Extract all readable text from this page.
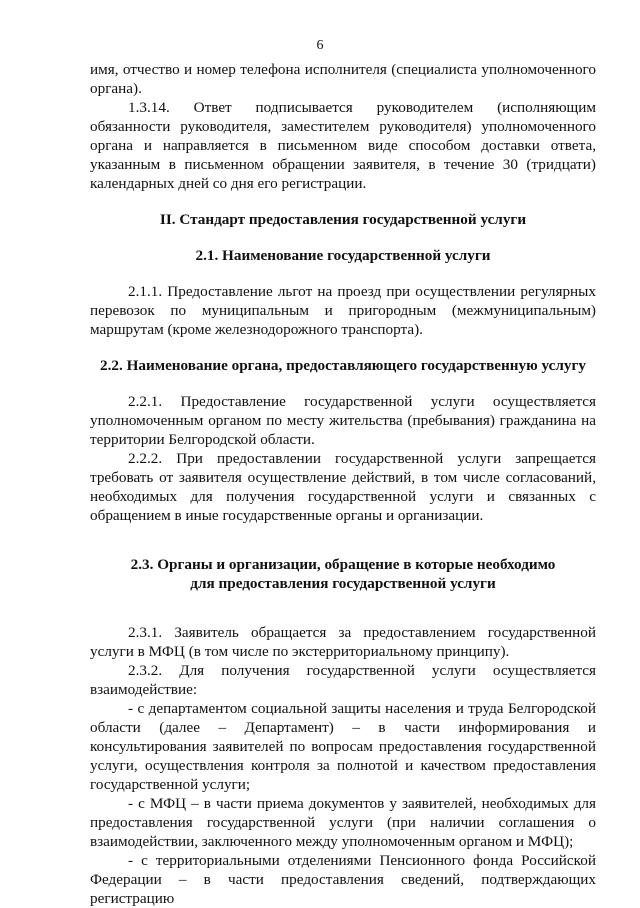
6

имя, отчество и номер телефона исполнителя (специалиста уполномоченного органа).

1.3.14. Ответ подписывается руководителем (исполняющим обязанности руководителя, заместителем руководителя) уполномоченного органа и направляется в письменном виде способом доставки ответа, указанным в письменном обращении заявителя, в течение 30 (тридцати) календарных дней со дня его регистрации.

II. Стандарт предоставления государственной услуги
2.1. Наименование государственной услуги

2.1.1. Предоставление льгот на проезд при осуществлении регулярных перевозок по муниципальным и пригородным (межмуниципальным) маршрутам (кроме железнодорожного транспорта).

2.2. Наименование органа, предоставляющего государственную услугу

2.2.1. Предоставление государственной услуги осуществляется уполномоченным органом по месту жительства (пребывания) гражданина на территории Белгородской области.

2.2.2. При предоставлении государственной услуги запрещается требовать от заявителя осуществление действий, в том числе согласований, необходимых для получения государственной услуги и связанных с обращением в иные государственные органы и организации.

2.3. Органы и организации, обращение в которые необходимо
для предоставления государственной услуги

2.3.1. Заявитель обращается за предоставлением государственной услуги в МФЦ (в том числе по экстерриториальному принципу).

2.3.2. Для получения государственной услуги осуществляется взаимодействие:

- с департаментом социальной защиты населения и труда Белгородской области (далее – Департамент) – в части информирования и консультирования заявителей по вопросам предоставления государственной услуги, осуществления контроля за полнотой и качеством предоставления государственной услуги;

- с МФЦ – в части приема документов у заявителей, необходимых для предоставления государственной услуги (при наличии соглашения о взаимодействии, заключенного между уполномоченным органом и МФЦ);

- с территориальными отделениями Пенсионного фонда Российской Федерации – в части предоставления сведений, подтверждающих регистрацию
